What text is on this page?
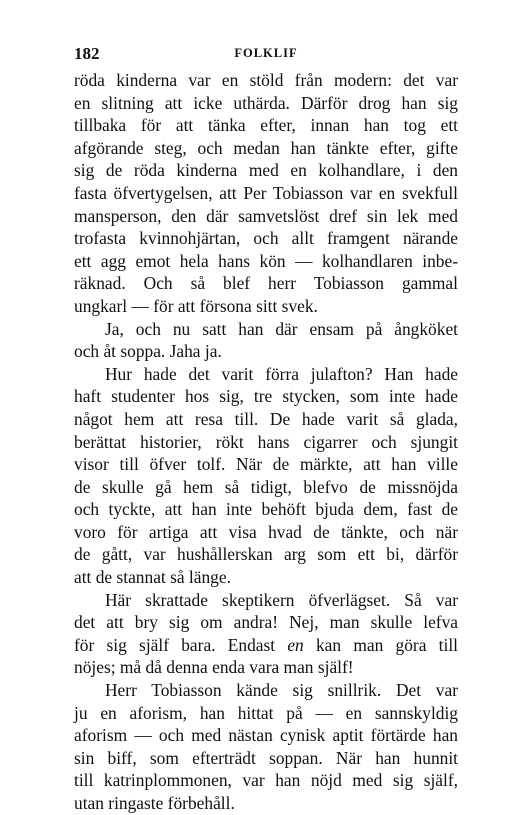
182	FOLKLIF
röda kinderna var en stöld från modern: det var
en slitning att icke uthärda. Därför drog han sig
tillbaka för att tänka efter, innan han tog ett
afgörande steg, och medan han tänkte efter, gifte
sig de röda kinderna med en kolhandlare, i den
fasta öfvertygelsen, att Per Tobiasson var en svekfull
mansperson, den där samvetslöst dref sin lek med
trofasta kvinnohjärtan, och allt framgent närande
ett agg emot hela hans kön — kolhandlaren inbe-
räknad. Och så blef herr Tobiasson gammal
ungkarl — för att försona sitt svek.
Ja, och nu satt han där ensam på ångköket
och åt soppa. Jaha ja.
Hur hade det varit förra julafton? Han hade
haft studenter hos sig, tre stycken, som inte hade
något hem att resa till. De hade varit så glada,
berättat historier, rökt hans cigarrer och sjungit
visor till öfver tolf. När de märkte, att han ville
de skulle gå hem så tidigt, blefvo de missnöjda
och tyckte, att han inte behöft bjuda dem, fast de
voro för artiga att visa hvad de tänkte, och när
de gått, var hushållerskan arg som ett bi, därför
att de stannat så länge.
Här skrattade skeptikern öfverlägset. Så var
det att bry sig om andra! Nej, man skulle lefva
för sig själf bara. Endast en kan man göra till
nöjes; må då denna enda vara man själf!
Herr Tobiasson kände sig snillrik. Det var
ju en aforism, han hittat på — en sannskyldig
aforism — och med nästan cynisk aptit förtärde han
sin biff, som efterträdt soppan. När han hunnit
till katrinplommonen, var han nöjd med sig själf,
utan ringaste förbehåll.
